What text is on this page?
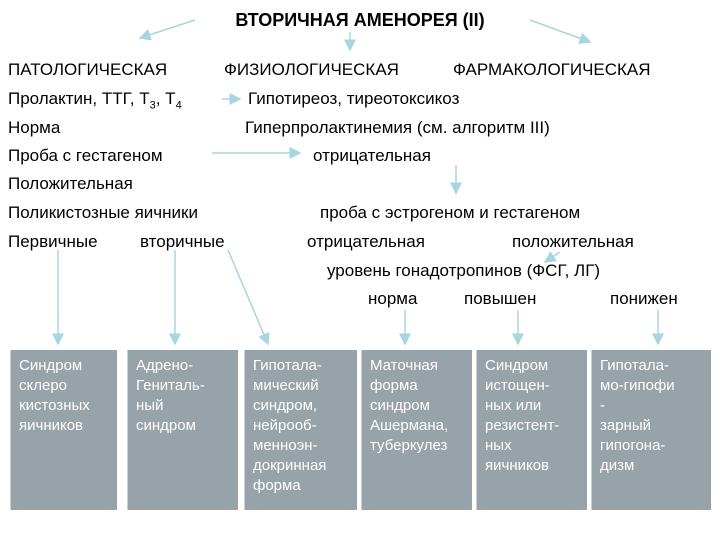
ВТОРИЧНАЯ АМЕНОРЕЯ (II)
ПАТОЛОГИЧЕСКАЯ	ФИЗИОЛОГИЧЕСКАЯ	ФАРМАКОЛОГИЧЕСКАЯ
Пролактин, ТТГ, $Т_3$, $Т_4$	Гипотиреоз, тиреотоксикоз
Норма	Гиперпролактинемия (см. алгоритм III)
Проба с гестагеном	отрицательная
Положительная
Поликистозные яичники	проба с эстрогеном и гестагеном
Первичные вторичные	отрицательная	положительная
уровень гонадотропинов (ФСГ, ЛГ)
норма	повышен	понижен
Синдром
склеро
кистозных
яичников
Адрено-
Гениталь-
ный
синдром
Гипотала-
мический
синдром,
нейрооб-
менноэн-
докринная
форма
Маточная
форма
синдром
Ашермана,
туберкулез
Синдром
истощен-
ных или
резистент-
ных
яичников
Гипотала-
мо-гипофи
-
зарный
гипогона-
дизм
